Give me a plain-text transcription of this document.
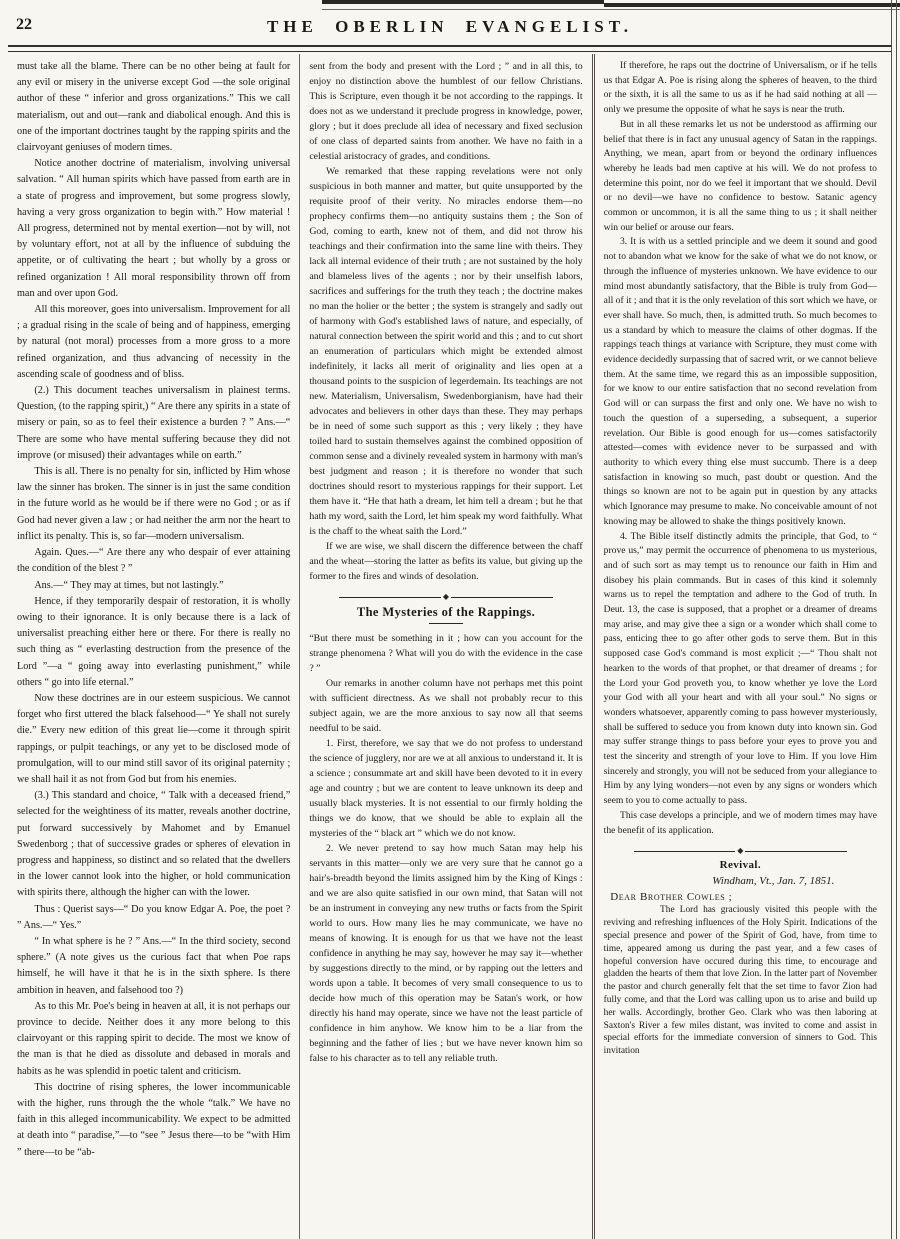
22	THE OBERLIN EVANGELIST.

must take all the blame. There can be no other being at fault for any evil or misery in the universe except God —the sole original author of these “ inferior and gross organizations.” This we call materialism, out and out—rank and diabolical enough. And this is one of the important doctrines taught by the rapping spirits and the clairvoyant geniuses of modern times.

Notice another doctrine of materialism, involving universal salvation. “ All human spirits which have passed from earth are in a state of progress and improvement, but some progress slowly, having a very gross organization to begin with.” How material ! All progress, determined not by mental exertion—not by will, not by voluntary effort, not at all by the influence of subduing the appetite, or of cultivating the heart ; but wholly by a gross or refined organization ! All moral responsibility thrown off from man and over upon God.

All this moreover, goes into universalism. Improvement for all ; a gradual rising in the scale of being and of happiness, emerging by natural (not moral) processes from a more gross to a more refined organization, and thus advancing of necessity in the ascending scale of goodness and of bliss.

(2.) This document teaches universalism in plainest terms. Question, (to the rapping spirit,) “ Are there any spirits in a state of misery or pain, so as to feel their existence a burden ? ” Ans.—“ There are some who have mental suffering because they did not improve (or misused) their advantages while on earth.”

This is all. There is no penalty for sin, inflicted by Him whose law the sinner has broken. The sinner is in just the same condition in the future world as he would be if there were no God ; or as if God had never given a law ; or had neither the arm nor the heart to inflict its penalty. This is, so far—modern universalism.

Again. Ques.—“ Are there any who despair of ever attaining the condition of the blest ? ”

Ans.—“ They may at times, but not lastingly.”

Hence, if they temporarily despair of restoration, it is wholly owing to their ignorance. It is only because there is a lack of universalist preaching either here or there. For there is really no such thing as “ everlasting destruction from the presence of the Lord ”—a “ going away into everlasting punishment,” while others “ go into life eternal.”

Now these doctrines are in our esteem suspicious. We cannot forget who first uttered the black falsehood—“ Ye shall not surely die.” Every new edition of this great lie—come it through spirit rappings, or pulpit teachings, or any yet to be disclosed mode of promulgation, will to our mind still savor of its original paternity ; we shall hail it as not from God but from his enemies.

(3.) This standard and choice, “ Talk with a deceased friend,” selected for the weightiness of its matter, reveals another doctrine, put forward successively by Mahomet and by Emanuel Swedenborg ; that of successive grades or spheres of elevation in progress and happiness, so distinct and so related that the dwellers in the lower cannot look into the higher, or hold communication with spirits there, although the higher can with the lower.

Thus : Querist says—“ Do you know Edgar A. Poe, the poet ? ” Ans.—“ Yes.”

“ In what sphere is he ? ” Ans.—“ In the third society, second sphere.” (A note gives us the curious fact that when Poe raps himself, he will have it that he is in the sixth sphere. Is there ambition in heaven, and falsehood too ?)

As to this Mr. Poe's being in heaven at all, it is not perhaps our province to decide. Neither does it any more belong to this clairvoyant or this rapping spirit to decide. The most we know of the man is that he died as dissolute and debased in morals and habits as he was splendid in poetic talent and criticism.

This doctrine of rising spheres, the lower incommunicable with the higher, runs through the the whole “talk.” We have no faith in this alleged incommunicability. We expect to be admitted at death into “ paradise,”—to “see ” Jesus there—to be “with Him ” there—to be “ab-

sent from the body and present with the Lord ; ” and in all this, to enjoy no distinction above the humblest of our fellow Christians. This is Scripture, even though it be not according to the rappings. It does not as we understand it preclude progress in knowledge, power, glory ; but it does preclude all idea of necessary and fixed seclusion of one class of departed saints from another. We have no faith in a celestial aristocracy of grades, and conditions.

We remarked that these rapping revelations were not only suspicious in both manner and matter, but quite unsupported by the requisite proof of their verity. No miracles endorse them—no prophecy confirms them—no antiquity sustains them ; the Son of God, coming to earth, knew not of them, and did not throw his teachings and their confirmation into the same line with theirs. They lack all internal evidence of their truth ; are not sustained by the holy and blameless lives of the agents ; nor by their unselfish labors, sacrifices and sufferings for the truth they teach ; the doctrine makes no man the holier or the better ; the system is strangely and sadly out of harmony with God's established laws of nature, and especially, of natural connection between the spirit world and this ; and to cut short an enumeration of particulars which might be extended almost indefinitely, it lacks all merit of originality and lies open at a thousand points to the suspicion of legerdemain. Its teachings are not new. Materialism, Universalism, Swedenborgianism, have had their advocates and believers in other days than these. They may perhaps be in need of some such support as this ; very likely ; they have toiled hard to sustain themselves against the combined opposition of common sense and a divinely revealed system in harmony with man's best judgment and reason ; it is therefore no wonder that such doctrines should resort to mysterious rappings for their support. Let them have it. “He that hath a dream, let him tell a dream ; but he that hath my word, saith the Lord, let him speak my word faithfully. What is the chaff to the wheat saith the Lord.”

If we are wise, we shall discern the difference between the chaff and the wheat—storing the latter as befits its value, but giving up the former to the fires and winds of desolation.

◆

The Mysteries of the Rappings.

“But there must be something in it ; how can you account for the strange phenomena ? What will you do with the evidence in the case ? ”

Our remarks in another column have not perhaps met this point with sufficient directness. As we shall not probably recur to this subject again, we are the more anxious to say now all that seems needful to be said.

1. First, therefore, we say that we do not profess to understand the science of jugglery, nor are we at all anxious to understand it. It is a science ; consummate art and skill have been devoted to it in every age and country ; but we are content to leave unknown its deep and usually black mysteries. It is not essential to our firmly holding the things we do know, that we should be able to explain all the mysteries of the “ black art ” which we do not know.

2. We never pretend to say how much Satan may help his servants in this matter—only we are very sure that he cannot go a hair's-breadth beyond the limits assigned him by the King of Kings : and we are also quite satisfied in our own mind, that Satan will not be an instrument in conveying any new truths or facts from the Spirit world to ours. How many lies he may communicate, we have no means of knowing. It is enough for us that we have not the least confidence in anything he may say, however he may say it—whether by suggestions directly to the mind, or by rapping out the letters and words upon a table. It becomes of very small consequence to us to decide how much of this operation may be Satan's work, or how directly his hand may operate, since we have not the least particle of confidence in him anyhow. We know him to be a liar from the beginning and the father of lies ; but we have never known him so false to his character as to tell any reliable truth.

If therefore, he raps out the doctrine of Universalism, or if he tells us that Edgar A. Poe is rising along the spheres of heaven, to the third or the sixth, it is all the same to us as if he had said nothing at all —only we presume the opposite of what he says is near the truth.

But in all these remarks let us not be understood as affirming our belief that there is in fact any unusual agency of Satan in the rappings. Anything, we mean, apart from or beyond the ordinary influences whereby he leads bad men captive at his will. We do not profess to determine this point, nor do we feel it important that we should. Devil or no devil—we have no confidence to bestow. Satanic agency common or uncommon, it is all the same thing to us ; it shall neither win our belief or arouse our fears.

3. It is with us a settled principle and we deem it sound and good not to abandon what we know for the sake of what we do not know, or through the influence of mysteries unknown. We have evidence to our mind most abundantly satisfactory, that the Bible is truly from God—all of it ; and that it is the only revelation of this sort which we have, or ever shall have. So much, then, is admitted truth. So much becomes to us a standard by which to measure the claims of other dogmas. If the rappings teach things at variance with Scripture, they must come with evidence decidedly surpassing that of sacred writ, or we cannot believe them. At the same time, we regard this as an impossible supposition, for we know to our entire satisfaction that no second revelation from God will or can surpass the first and only one. We have no wish to touch the question of a superseding, a subsequent, a superior revelation. Our Bible is good enough for us—comes satisfactorily attested—comes with evidence never to be surpassed and with authority to which every thing else must succumb. There is a deep satisfaction in knowing so much, past doubt or question. And the things so known are not to be again put in question by any attacks which Ignorance may presume to make. No conceivable amount of not knowing may be allowed to shake the things positively known.

4. The Bible itself distinctly admits the principle, that God, to “ prove us,” may permit the occurrence of phenomena to us mysterious, and of such sort as may tempt us to renounce our faith in Him and disobey his plain commands. But in cases of this kind it solemnly warns us to repel the temptation and adhere to the God of truth. In Deut. 13, the case is supposed, that a prophet or a dreamer of dreams may arise, and may give thee a sign or a wonder which shall come to pass, enticing thee to go after other gods to serve them. But in this supposed case God's command is most explicit ;—“ Thou shalt not hearken to the words of that prophet, or that dreamer of dreams ; for the Lord your God proveth you, to know whether ye love the Lord your God with all your heart and with all your soul.” No signs or wonders whatsoever, apparently coming to pass however mysteriously, shall be suffered to seduce you from known duty into known sin. God may suffer strange things to pass before your eyes to prove you and test the sincerity and strength of your love to Him. If you love Him sincerely and strongly, you will not be seduced from your allegiance to Him by any lying wonders—not even by any signs or wonders which seem to you to come actually to pass.

This case develops a principle, and we of modern times may have the benefit of its application.

◆

Revival.

Windham, Vt., Jan. 7, 1851.

Dear Brother Cowles ;

The Lord has graciously visited this people with the reviving and refreshing influences of the Holy Spirit. Indications of the special presence and power of the Spirit of God, have, from time to time, appeared among us during the past year, and a few cases of hopeful conversion have occured during this time, to encourage and gladden the hearts of them that love Zion. In the latter part of November the pastor and church generally felt that the set time to favor Zion had fully come, and that the Lord was calling upon us to arise and build up her walls. Accordingly, brother Geo. Clark who was then laboring at Saxton's River a few miles distant, was invited to come and assist in special efforts for the immediate conversion of sinners to God. This invitation
